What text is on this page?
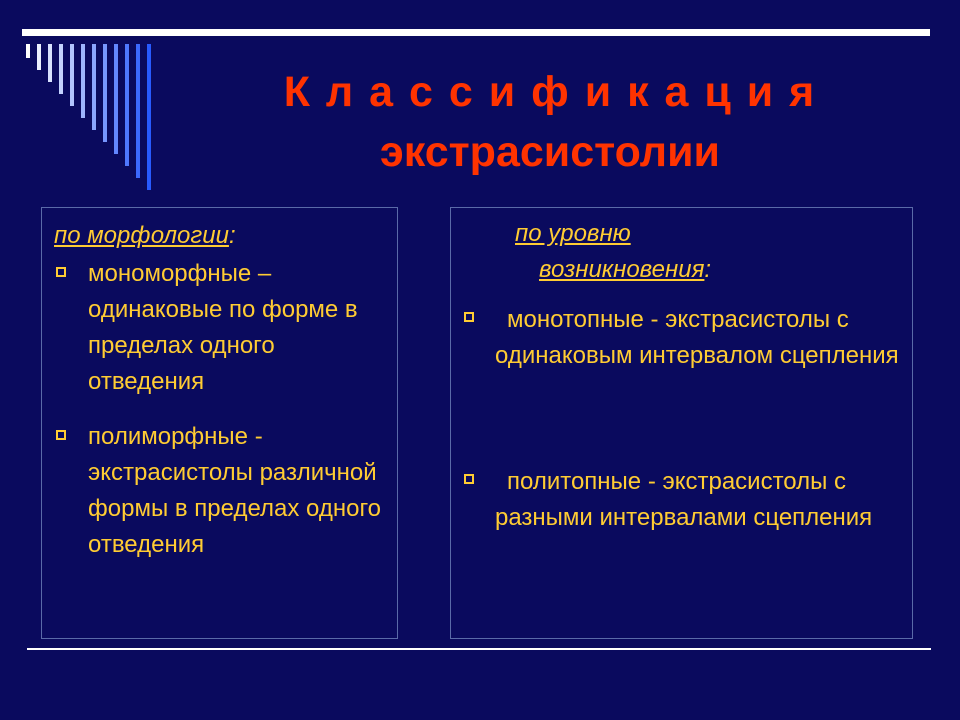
К л а с с и ф и к а ц и я
экстрасистолии
по морфологии:
мономорфные – одинаковые по форме в пределах одного отведения
полиморфные - экстрасистолы различной формы в пределах одного отведения
по уровню
возникновения:
монотопные - экстрасистолы с одинаковым интервалом сцепления
политопные - экстрасистолы с разными интервалами сцепления
